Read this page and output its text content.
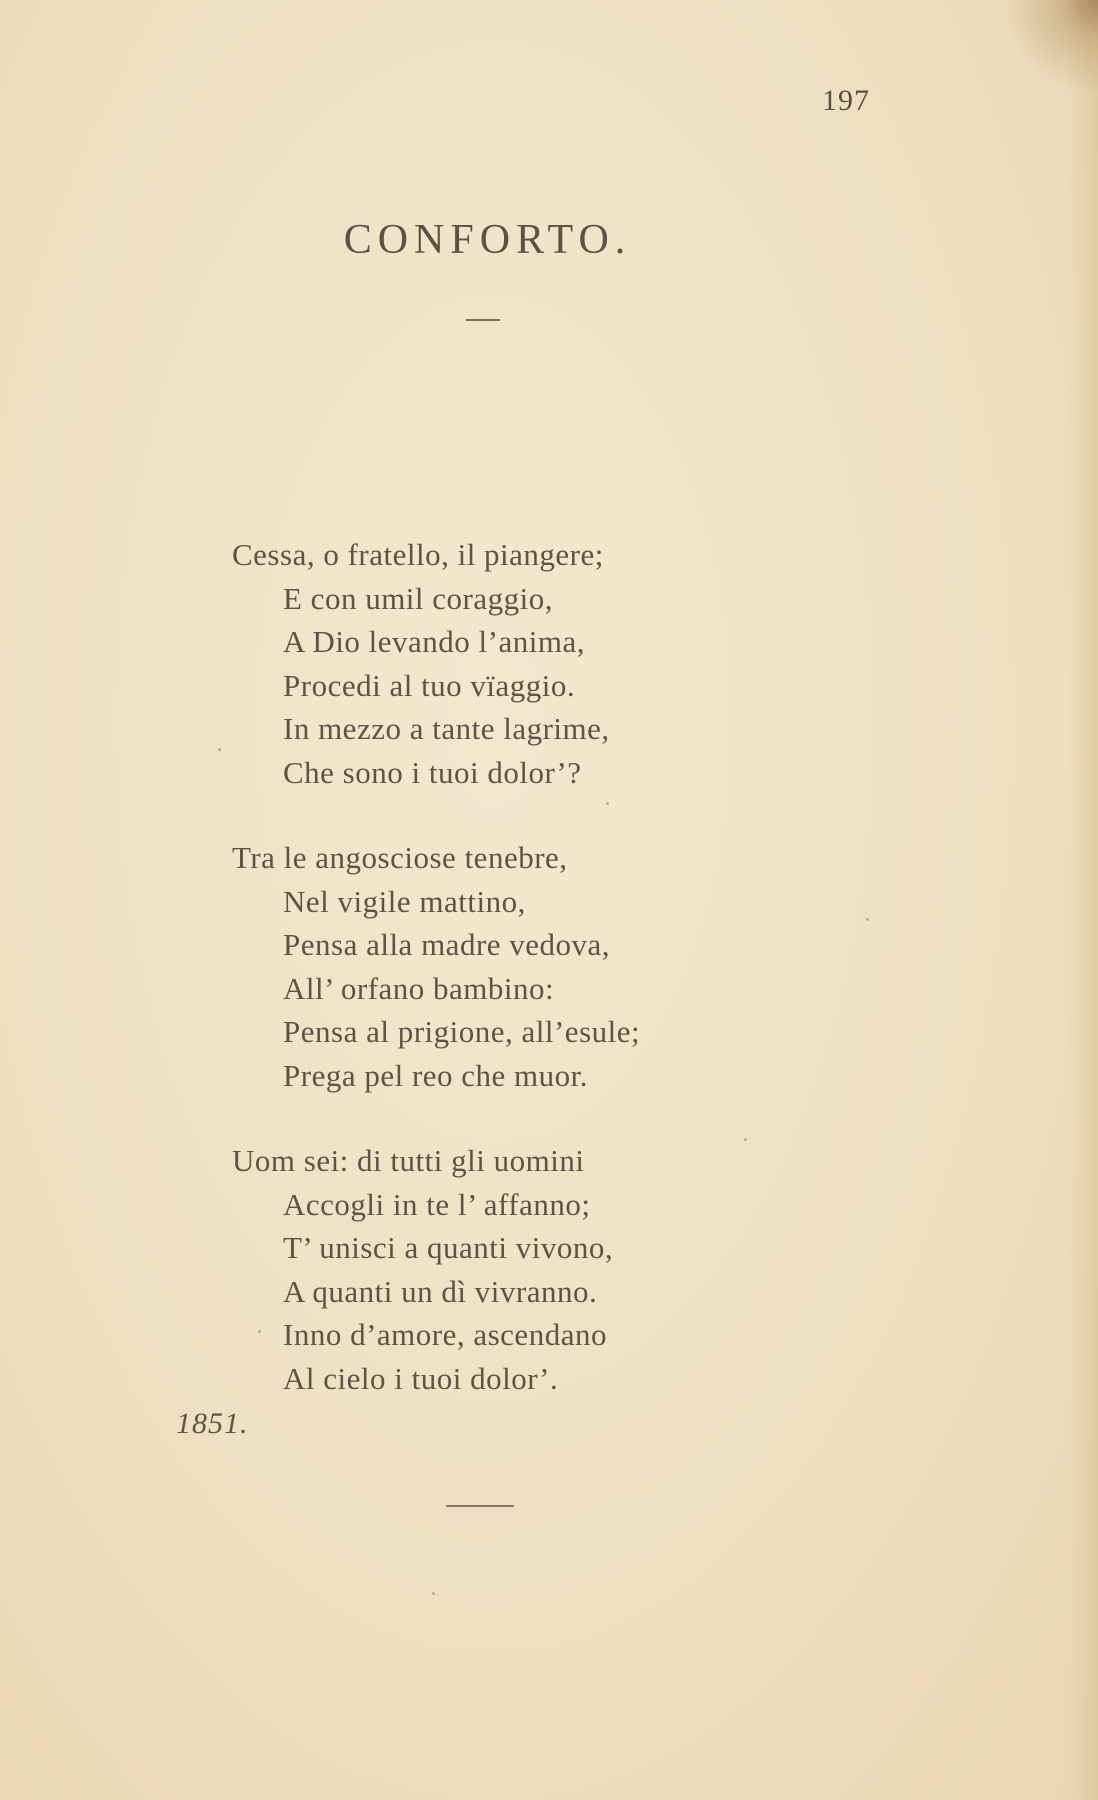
197
CONFORTO.
Cessa, o fratello, il piangere;
E con umil coraggio,
A Dio levando l’anima,
Procedi al tuo vïaggio.
In mezzo a tante lagrime,
Che sono i tuoi dolor’?
Tra le angosciose tenebre,
Nel vigile mattino,
Pensa alla madre vedova,
All’ orfano bambino:
Pensa al prigione, all’esule;
Prega pel reo che muor.
Uom sei: di tutti gli uomini
Accogli in te l’ affanno;
T’ unisci a quanti vivono,
A quanti un dì vivranno.
Inno d’amore, ascendano
Al cielo i tuoi dolor’.
1851.
